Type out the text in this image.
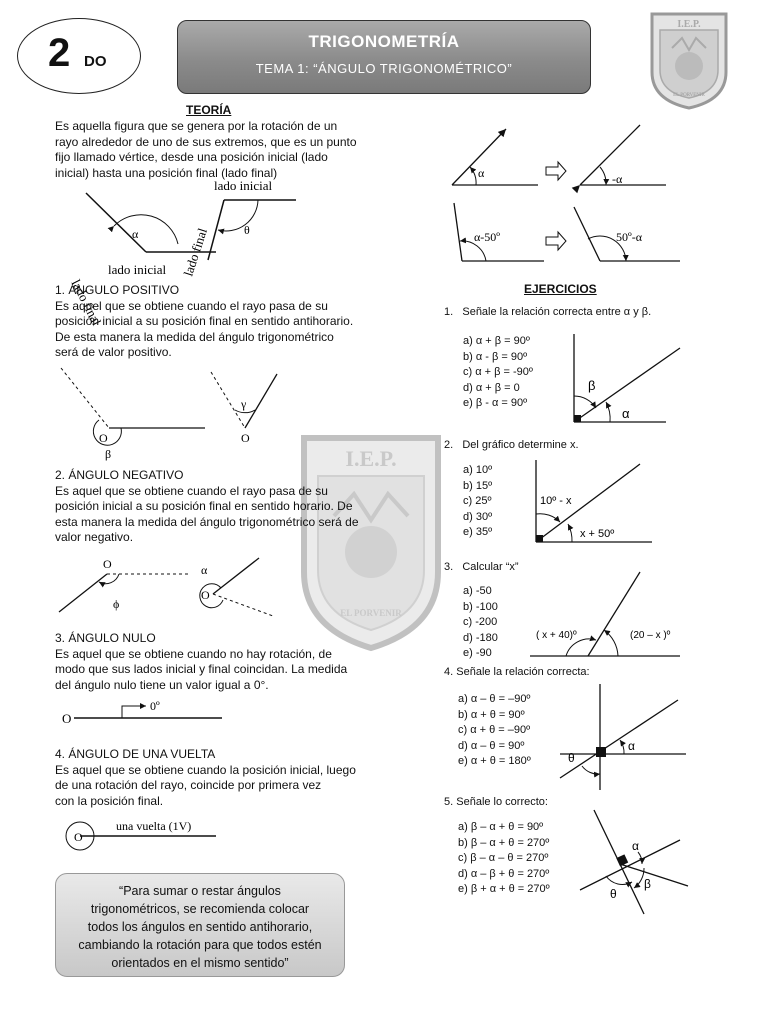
2 DO
TRIGONOMETRÍA
TEMA 1: “ÁNGULO TRIGONOMÉTRICO”
I.E.P.
EL PORVENIR
I.E.P.
EL PORVENIR
TEORÍA

Es aquella figura que se genera por la rotación de un

rayo alrededor de uno de sus extremos, que es un punto

fijo llamado vértice, desde una posición inicial (lado

inicial) hasta una posición final (lado final)

lado final
α
lado inicial
lado inicial
θ
lado final

1. ÁNGULO POSITIVO

Es aquel que se obtiene cuando el rayo pasa de su

posición inicial a su posición final en sentido antihorario.

De esta manera la medida del ángulo trigonométrico

será de valor positivo.

O
β
γ
O

2. ÁNGULO NEGATIVO

Es aquel que se obtiene cuando el rayo pasa de su

posición inicial a su posición final en sentido horario. De

esta manera la medida del ángulo trigonométrico será de

valor negativo.

O
ϕ
O
α

3. ÁNGULO NULO

Es aquel que se obtiene cuando no hay rotación, de

modo que sus lados inicial y final coincidan. La medida

del ángulo nulo tiene un valor igual a 0°.

O
0º

4. ÁNGULO DE UNA VUELTA

Es aquel que se obtiene cuando la posición inicial, luego

de una rotación del rayo, coincide por primera vez

con la posición final.

O
una vuelta (1V)
“Para sumar o restar ángulos
trigonométricos, se recomienda colocar
todos los ángulos en sentido antihorario,
cambiando la rotación para que todos estén
orientados en el mismo sentido”
α	-α
α-50º	50º-α
EJERCICIOS
1. Señale la relación correcta entre α y β.
a) α + β = 90º
b) α - β = 90º
c) α + β = -90º
d) α + β = 0
e) β - α = 90º
β
α
2. Del gráfico determine x.
a) 10º
b) 15º
c) 25º
d) 30º
e) 35º
10º - x
x + 50º
3. Calcular “x”
a) -50
b) -100
c) -200
d) -180
e) -90
( x + 40)º	(20 – x )º
4. Señale la relación correcta:
a) α – θ = –90º
b) α + θ = 90º
c) α + θ = –90º
d) α – θ = 90º
e) α + θ = 180º	θ
α
5. Señale lo correcto:
a) β – α + θ = 90º
b) β – α + θ = 270º
c) β – α – θ = 270º
d) α – β + θ = 270º
e) β + α + θ = 270º
α
β
θ
